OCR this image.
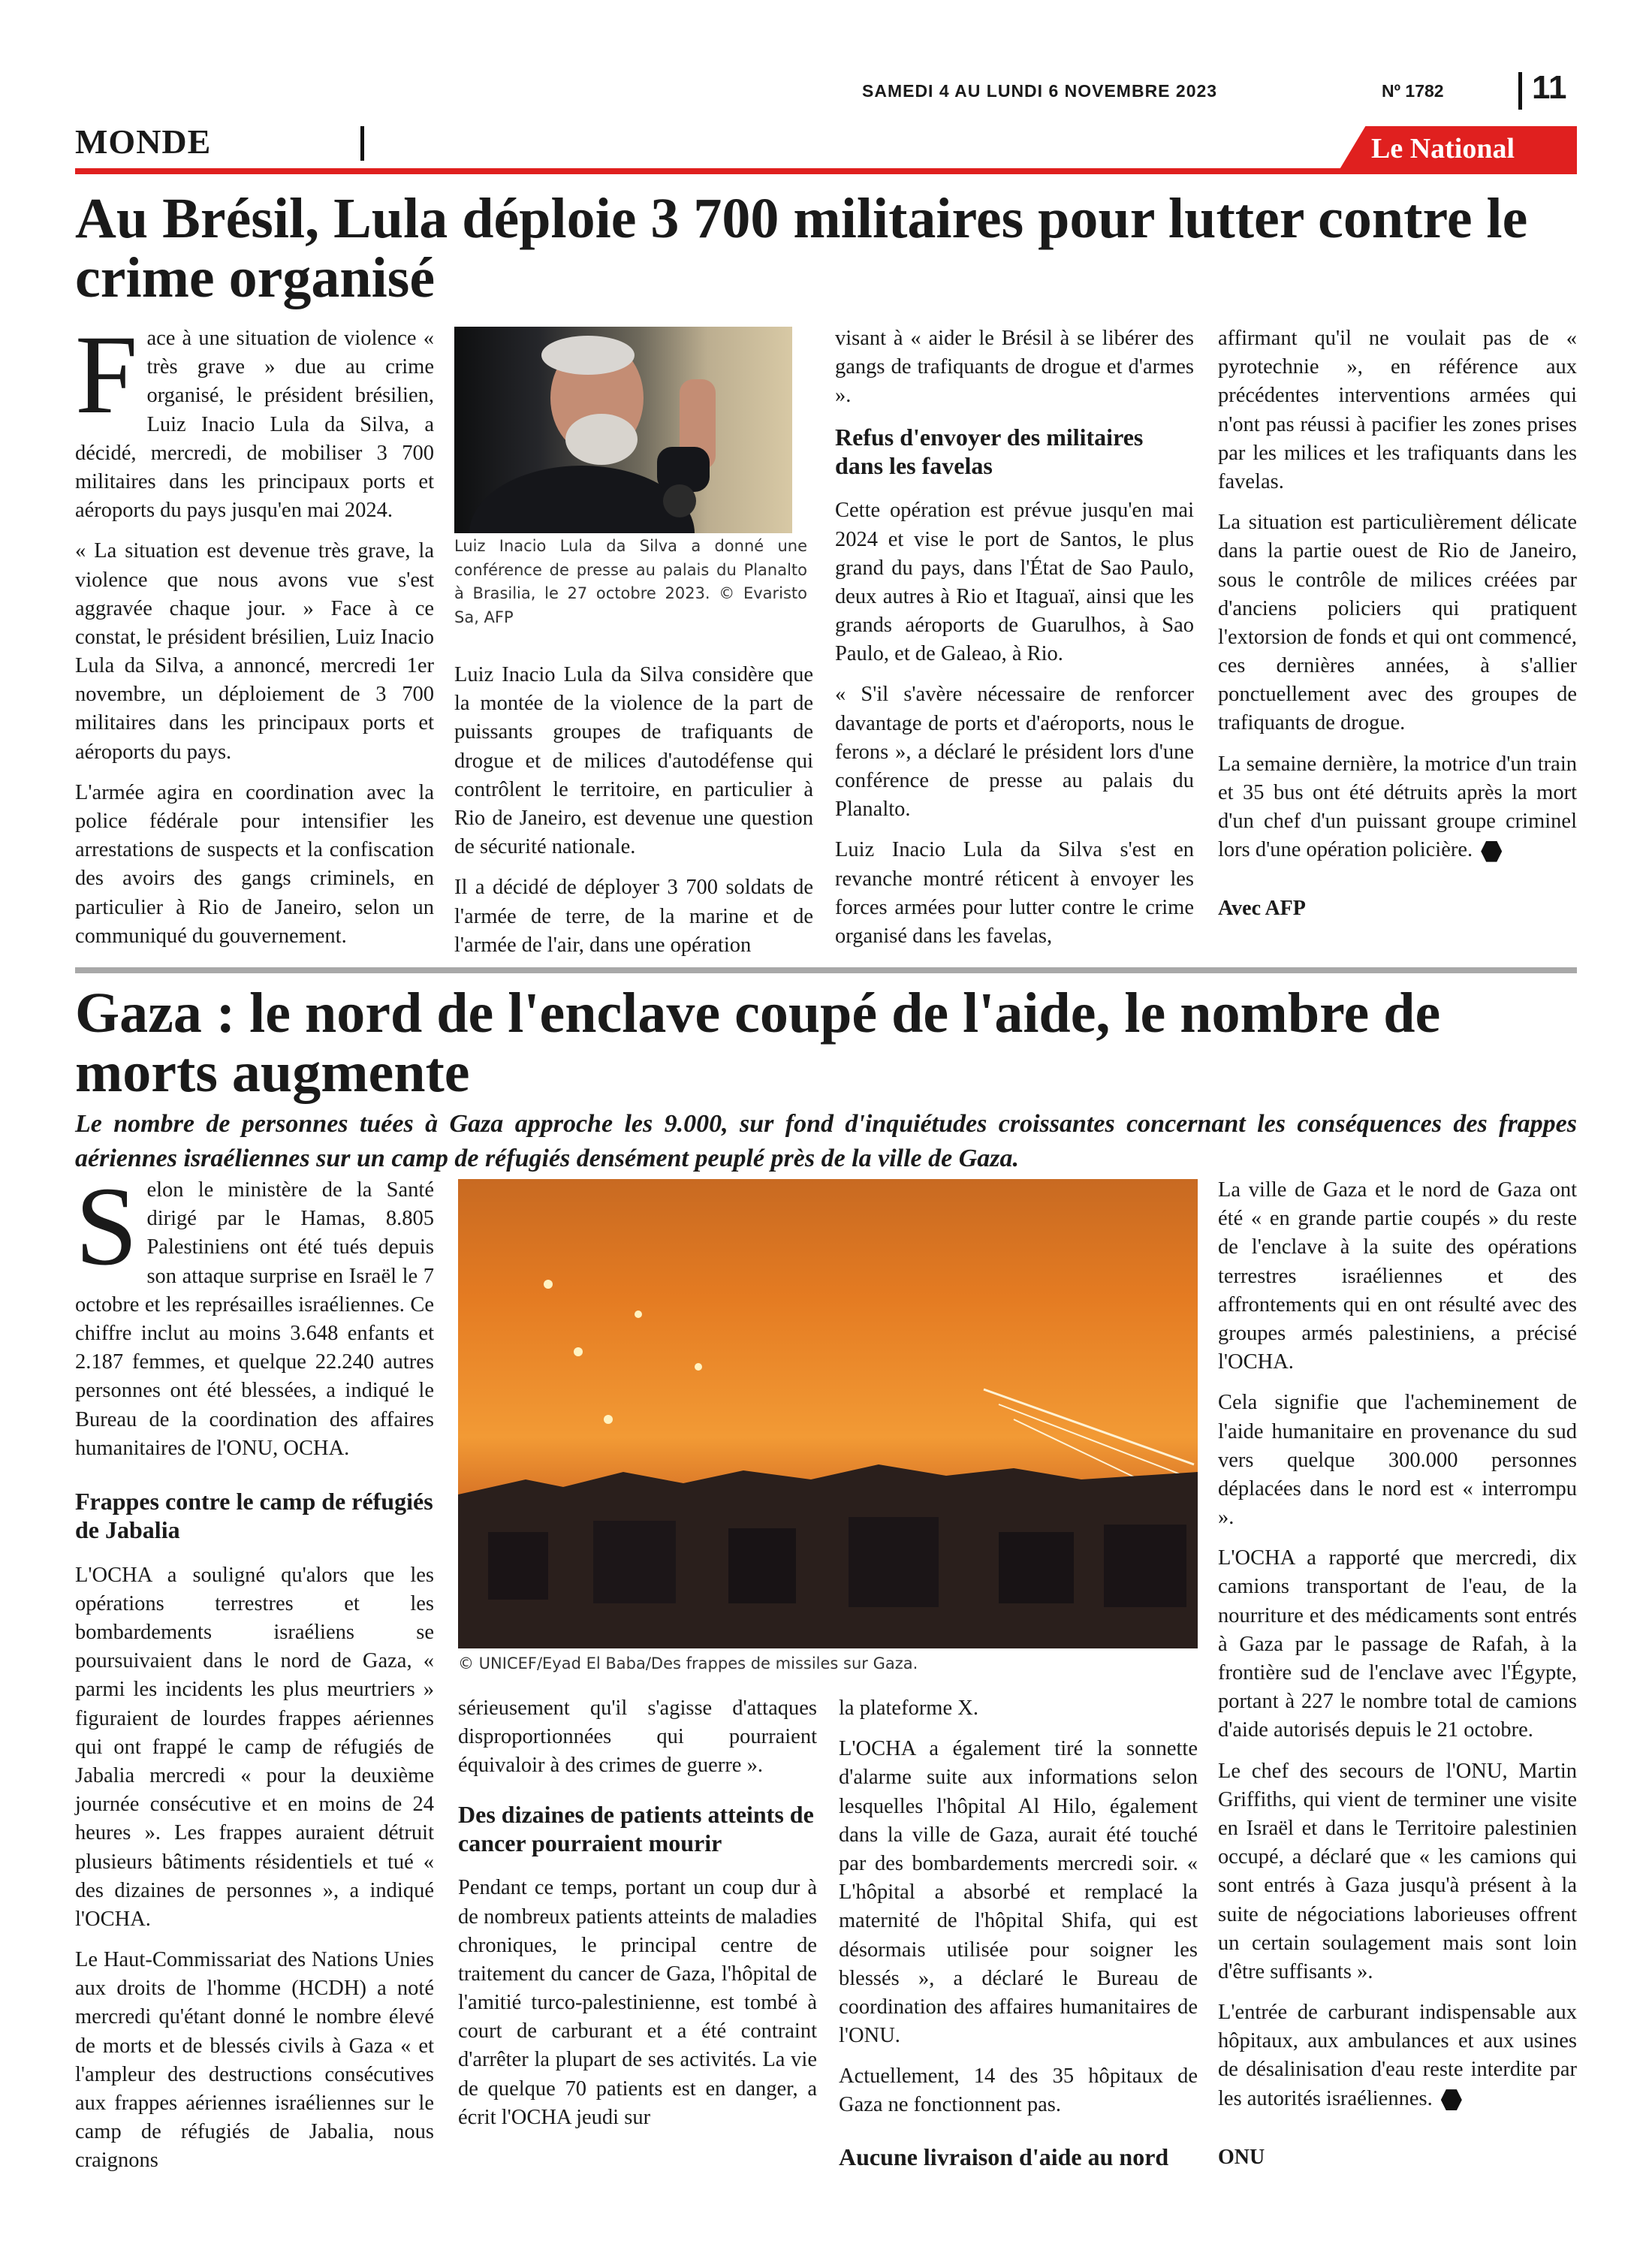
SAMEDI 4 AU LUNDI 6 NOVEMBRE 2023	Nº 1782	11
MONDE	Le National
Au Brésil, Lula déploie 3 700 militaires pour lutter contre le crime organisé

Face à une situation de violence « très grave » due au crime organisé, le président brésilien, Luiz Inacio Lula da Silva, a décidé, mercredi, de mobiliser 3 700 militaires dans les principaux ports et aéroports du pays jusqu'en mai 2024.

« La situation est devenue très grave, la violence que nous avons vue s'est aggravée chaque jour. » Face à ce constat, le président brésilien, Luiz Inacio Lula da Silva, a annoncé, mercredi 1er novembre, un déploiement de 3 700 militaires dans les principaux ports et aéroports du pays.

L'armée agira en coordination avec la police fédérale pour intensifier les arrestations de suspects et la confiscation des avoirs des gangs criminels, en particulier à Rio de Janeiro, selon un communiqué du gouvernement.

Luiz Inacio Lula da Silva a donné une conférence de presse au palais du Planalto à Brasilia, le 27 octobre 2023. © Evaristo Sa, AFP

Luiz Inacio Lula da Silva considère que la montée de la violence de la part de puissants groupes de trafiquants de drogue et de milices d'autodéfense qui contrôlent le territoire, en particulier à Rio de Janeiro, est devenue une question de sécurité nationale.

Il a décidé de déployer 3 700 soldats de l'armée de terre, de la marine et de l'armée de l'air, dans une opération

visant à « aider le Brésil à se libérer des gangs de trafiquants de drogue et d'armes ».

Refus d'envoyer des militaires dans les favelas

Cette opération est prévue jusqu'en mai 2024 et vise le port de Santos, le plus grand du pays, dans l'État de Sao Paulo, deux autres à Rio et Itaguaï, ainsi que les grands aéroports de Guarulhos, à Sao Paulo, et de Galeao, à Rio.

« S'il s'avère nécessaire de renforcer davantage de ports et d'aéroports, nous le ferons », a déclaré le président lors d'une conférence de presse au palais du Planalto.

Luiz Inacio Lula da Silva s'est en revanche montré réticent à envoyer les forces armées pour lutter contre le crime organisé dans les favelas,

affirmant qu'il ne voulait pas de « pyrotechnie », en référence aux précédentes interventions armées qui n'ont pas réussi à pacifier les zones prises par les milices et les trafiquants dans les favelas.

La situation est particulièrement délicate dans la partie ouest de Rio de Janeiro, sous le contrôle de milices créées par d'anciens policiers qui pratiquent l'extorsion de fonds et qui ont commencé, ces dernières années, à s'allier ponctuellement avec des groupes de trafiquants de drogue.

La semaine dernière, la motrice d'un train et 35 bus ont été détruits après la mort d'un chef d'un puissant groupe criminel lors d'une opération policière.

Avec AFP
Gaza : le nord de l'enclave coupé de l'aide, le nombre de morts augmente
Le nombre de personnes tuées à Gaza approche les 9.000, sur fond d'inquiétudes croissantes concernant les conséquences des frappes aériennes israéliennes sur un camp de réfugiés densément peuplé près de la ville de Gaza.

Selon le ministère de la Santé dirigé par le Hamas, 8.805 Palestiniens ont été tués depuis son attaque surprise en Israël le 7 octobre et les représailles israéliennes. Ce chiffre inclut au moins 3.648 enfants et 2.187 femmes, et quelque 22.240 autres personnes ont été blessées, a indiqué le Bureau de la coordination des affaires humanitaires de l'ONU, OCHA.

Frappes contre le camp de réfugiés de Jabalia

L'OCHA a souligné qu'alors que les opérations terrestres et les bombardements israéliens se poursuivaient dans le nord de Gaza, « parmi les incidents les plus meurtriers » figuraient de lourdes frappes aériennes qui ont frappé le camp de réfugiés de Jabalia mercredi « pour la deuxième journée consécutive et en moins de 24 heures ». Les frappes auraient détruit plusieurs bâtiments résidentiels et tué « des dizaines de personnes », a indiqué l'OCHA.

Le Haut-Commissariat des Nations Unies aux droits de l'homme (HCDH) a noté mercredi qu'étant donné le nombre élevé de morts et de blessés civils à Gaza « et l'ampleur des destructions consécutives aux frappes aériennes israéliennes sur le camp de réfugiés de Jabalia, nous craignons

© UNICEF/Eyad El Baba/Des frappes de missiles sur Gaza.

sérieusement qu'il s'agisse d'attaques disproportionnées qui pourraient équivaloir à des crimes de guerre ».

Des dizaines de patients atteints de cancer pourraient mourir

Pendant ce temps, portant un coup dur à de nombreux patients atteints de maladies chroniques, le principal centre de traitement du cancer de Gaza, l'hôpital de l'amitié turco-palestinienne, est tombé à court de carburant et a été contraint d'arrêter la plupart de ses activités. La vie de quelque 70 patients est en danger, a écrit l'OCHA jeudi sur

la plateforme X.

L'OCHA a également tiré la sonnette d'alarme suite aux informations selon lesquelles l'hôpital Al Hilo, également dans la ville de Gaza, aurait été touché par des bombardements mercredi soir. « L'hôpital a absorbé et remplacé la maternité de l'hôpital Shifa, qui est désormais utilisée pour soigner les blessés », a déclaré le Bureau de coordination des affaires humanitaires de l'ONU.

Actuellement, 14 des 35 hôpitaux de Gaza ne fonctionnent pas.

Aucune livraison d'aide au nord

La ville de Gaza et le nord de Gaza ont été « en grande partie coupés » du reste de l'enclave à la suite des opérations terrestres israéliennes et des affrontements qui en ont résulté avec des groupes armés palestiniens, a précisé l'OCHA.

Cela signifie que l'acheminement de l'aide humanitaire en provenance du sud vers quelque 300.000 personnes déplacées dans le nord est « interrompu ».

L'OCHA a rapporté que mercredi, dix camions transportant de l'eau, de la nourriture et des médicaments sont entrés à Gaza par le passage de Rafah, à la frontière sud de l'enclave avec l'Égypte, portant à 227 le nombre total de camions d'aide autorisés depuis le 21 octobre.

Le chef des secours de l'ONU, Martin Griffiths, qui vient de terminer une visite en Israël et dans le Territoire palestinien occupé, a déclaré que « les camions qui sont entrés à Gaza jusqu'à présent à la suite de négociations laborieuses offrent un certain soulagement mais sont loin d'être suffisants ».

L'entrée de carburant indispensable aux hôpitaux, aux ambulances et aux usines de désalinisation d'eau reste interdite par les autorités israéliennes.

ONU
